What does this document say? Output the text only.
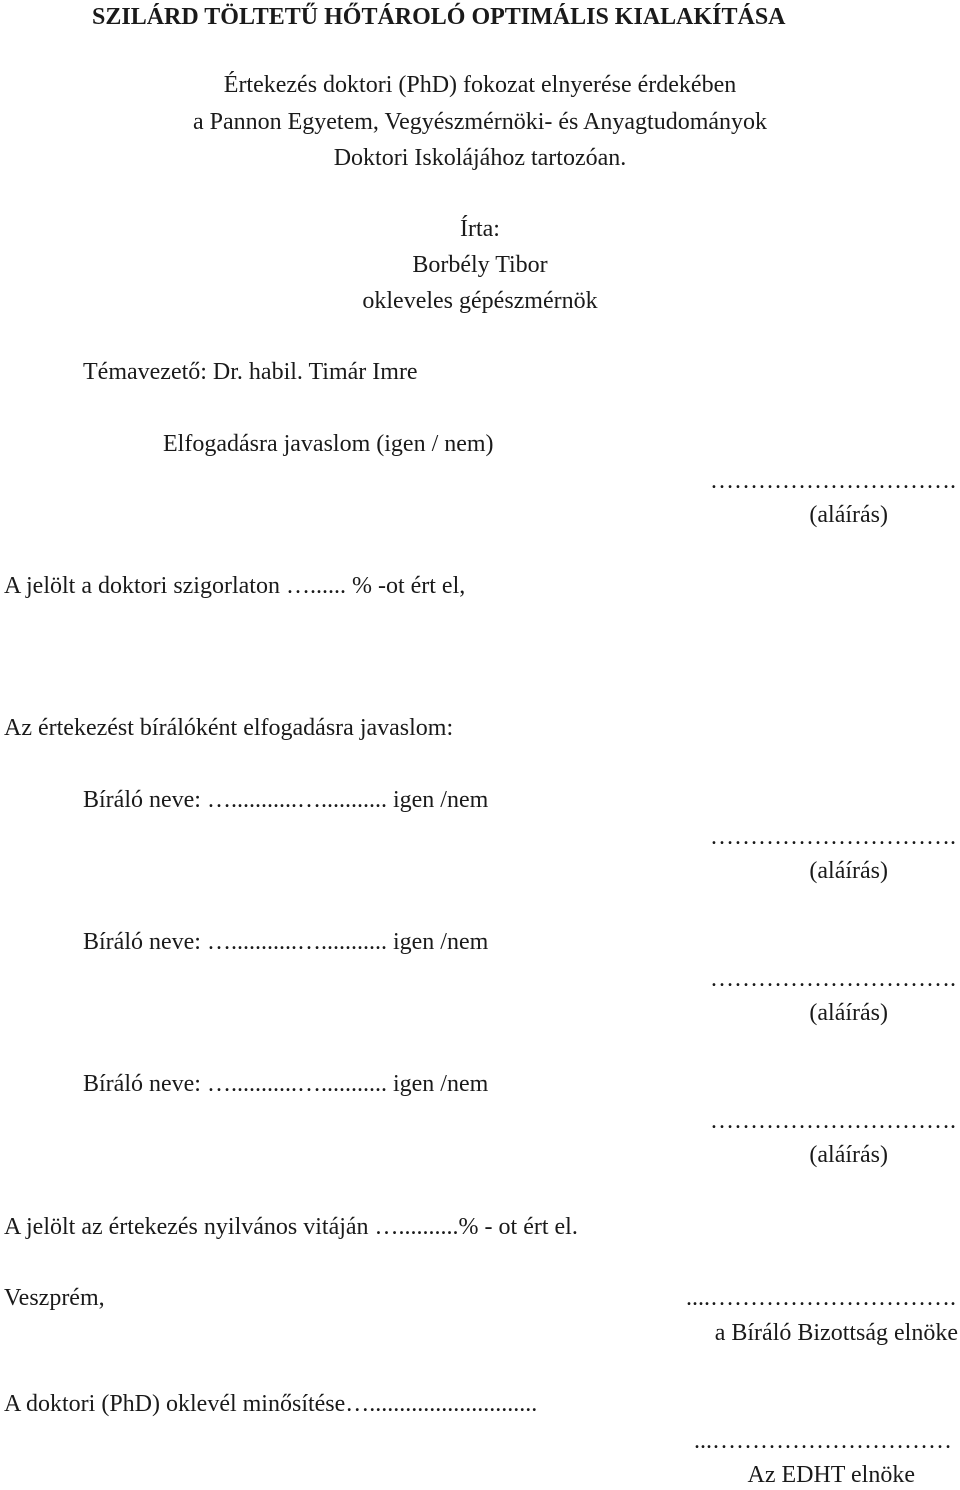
SZILÁRD TÖLTETŰ HŐTÁROLÓ OPTIMÁLIS KIALAKÍTÁSA
Értekezés doktori (PhD) fokozat elnyerése érdekében
a Pannon Egyetem, Vegyészmérnöki- és Anyagtudományok
Doktori Iskolájához tartozóan.
Írta:
Borbély Tibor
okleveles gépészmérnök
Témavezető: Dr. habil. Timár Imre
Elfogadásra javaslom (igen / nem)
………………………….
(aláírás)
A jelölt a doktori szigorlaton …...... % -ot ért el,
Az értekezést bírálóként elfogadásra javaslom:
Bíráló neve: …...........…........... igen /nem
………………………….
(aláírás)
Bíráló neve: …...........…........... igen /nem
………………………….
(aláírás)
Bíráló neve: …...........…........... igen /nem
………………………….
(aláírás)
A jelölt az értekezés nyilvános vitáján …..........% - ot ért el.
Veszprém,	....………………………….
a Bíráló Bizottság elnöke
A doktori (PhD) oklevél minősítése…............................
...…………………………
Az EDHT elnöke
